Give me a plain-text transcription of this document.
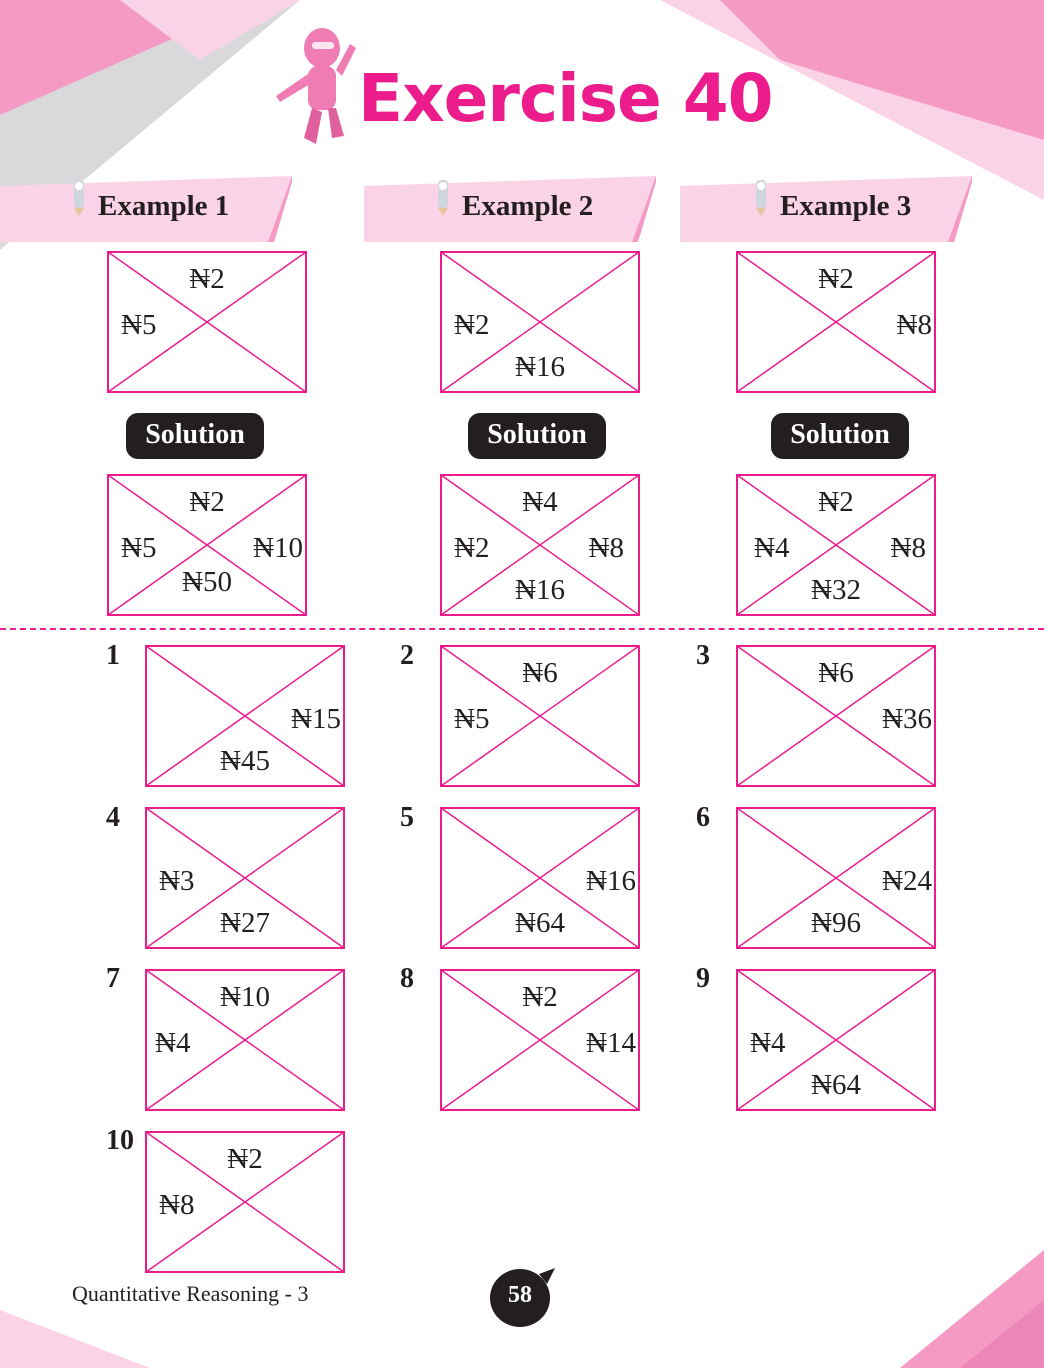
Exercise 40
Example 1	Example 2	Example 3
₦2
₦5	₦2
₦16
₦2
₦8
Solution	Solution	Solution
₦2
₦5	₦10
₦50
₦4
₦2	₦8
₦16
₦2
₦4	₦8
₦32
1	2	3
4	5	6
7	8	9
10
₦15
₦45
₦6
₦5
₦6
₦36
₦3
₦27
₦16
₦64
₦24
₦96
₦10
₦4
₦2
₦14	₦4
₦64
₦2
₦8
Quantitative Reasoning - 3	58
